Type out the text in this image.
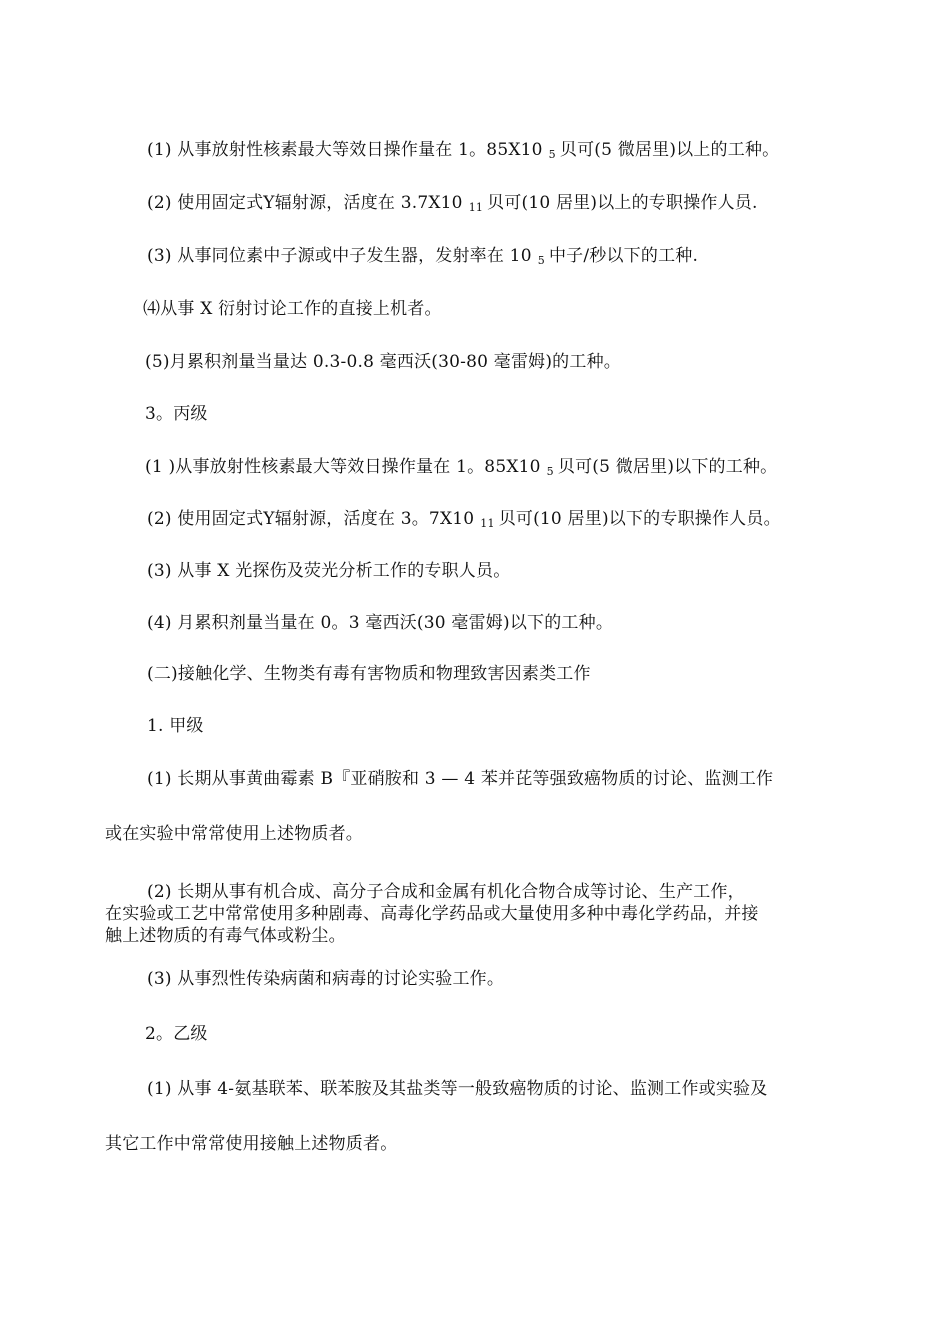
(1) 从事放射性核素最大等效日操作量在 1。85X10 5 贝可(5 微居里)以上的工种。
(2) 使用固定式Y辐射源，活度在 3.7X10 11 贝可(10 居里)以上的专职操作人员.
(3) 从事同位素中子源或中子发生器，发射率在 10 5 中子/秒以下的工种.
⑷从事 X 衍射讨论工作的直接上机者。
(5)月累积剂量当量达 0.3-0.8 毫西沃(30-80 毫雷姆)的工种。
3。丙级
(1 )从事放射性核素最大等效日操作量在 1。85X10 5 贝可(5 微居里)以下的工种。
(2) 使用固定式Y辐射源，活度在 3。7X10 11 贝可(10 居里)以下的专职操作人员。
(3) 从事 X 光探伤及荧光分析工作的专职人员。
(4) 月累积剂量当量在 0。3 毫西沃(30 毫雷姆)以下的工种。
(二)接触化学、生物类有毒有害物质和物理致害因素类工作
1. 甲级
(1) 长期从事黄曲霉素 B『亚硝胺和 3 — 4 苯并芘等强致癌物质的讨论、监测工作
或在实验中常常使用上述物质者。
(2) 长期从事有机合成、高分子合成和金属有机化合物合成等讨论、生产工作，
在实验或工艺中常常使用多种剧毒、高毒化学药品或大量使用多种中毒化学药品，并接
触上述物质的有毒气体或粉尘。
(3) 从事烈性传染病菌和病毒的讨论实验工作。
2。乙级
(1) 从事 4-氨基联苯、联苯胺及其盐类等一般致癌物质的讨论、监测工作或实验及
其它工作中常常使用接触上述物质者。
